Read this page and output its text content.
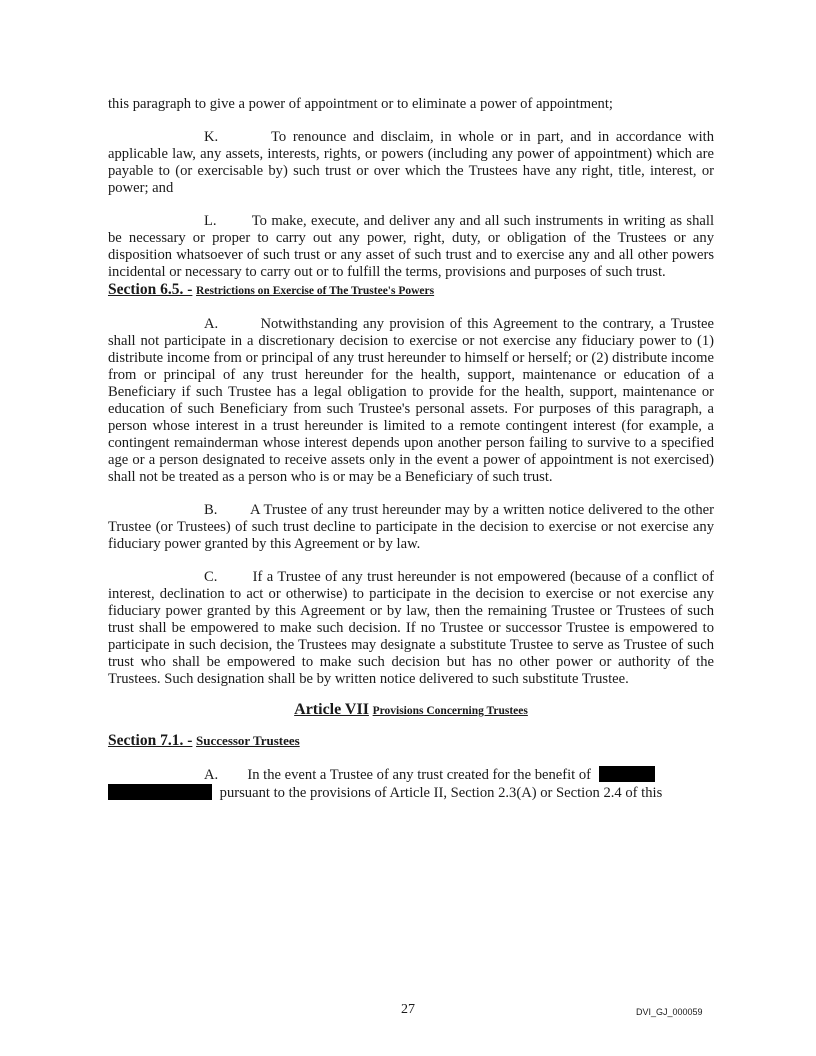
this paragraph to give a power of appointment or to eliminate a power of appointment;

K.        To renounce and disclaim, in whole or in part, and in accordance with applicable law, any assets, interests, rights, or powers (including any power of appointment) which are payable to (or exercisable by) such trust or over which the Trustees have any right, title, interest, or power; and

L.        To make, execute, and deliver any and all such instruments in writing as shall be necessary or proper to carry out any power, right, duty, or obligation of the Trustees or any disposition whatsoever of such trust or any asset of such trust and to exercise any and all other powers incidental or necessary to carry out or to fulfill the terms, provisions and purposes of such trust.

Section 6.5. - Restrictions on Exercise of The Trustee's Powers

A.        Notwithstanding any provision of this Agreement to the contrary, a Trustee shall not participate in a discretionary decision to exercise or not exercise any fiduciary power to (1) distribute income from or principal of any trust hereunder to himself or herself; or (2) distribute income from or principal of any trust hereunder for the health, support, maintenance or education of a Beneficiary if such Trustee has a legal obligation to provide for the health, support, maintenance or education of such Beneficiary from such Trustee's personal assets. For purposes of this paragraph, a person whose interest in a trust hereunder is limited to a remote contingent interest (for example, a contingent remainderman whose interest depends upon another person failing to survive to a specified age or a person designated to receive assets only in the event a power of appointment is not exercised) shall not be treated as a person who is or may be a Beneficiary of such trust.

B.        A Trustee of any trust hereunder may by a written notice delivered to the other Trustee (or Trustees) of such trust decline to participate in the decision to exercise or not exercise any fiduciary power granted by this Agreement or by law.

C.        If a Trustee of any trust hereunder is not empowered (because of a conflict of interest, declination to act or otherwise) to participate in the decision to exercise or not exercise any fiduciary power granted by this Agreement or by law, then the remaining Trustee or Trustees of such trust shall be empowered to make such decision. If no Trustee or successor Trustee is empowered to participate in such decision, the Trustees may designate a substitute Trustee to serve as Trustee of such trust who shall be empowered to make such decision but has no other power or authority of the Trustees. Such designation shall be by written notice delivered to such substitute Trustee.

Article VII Provisions Concerning Trustees

Section 7.1. - Successor Trustees

A.        In the event a Trustee of any trust created for the benefit of
pursuant to the provisions of Article II, Section 2.3(A) or Section 2.4 of this

27	DVI_GJ_000059
